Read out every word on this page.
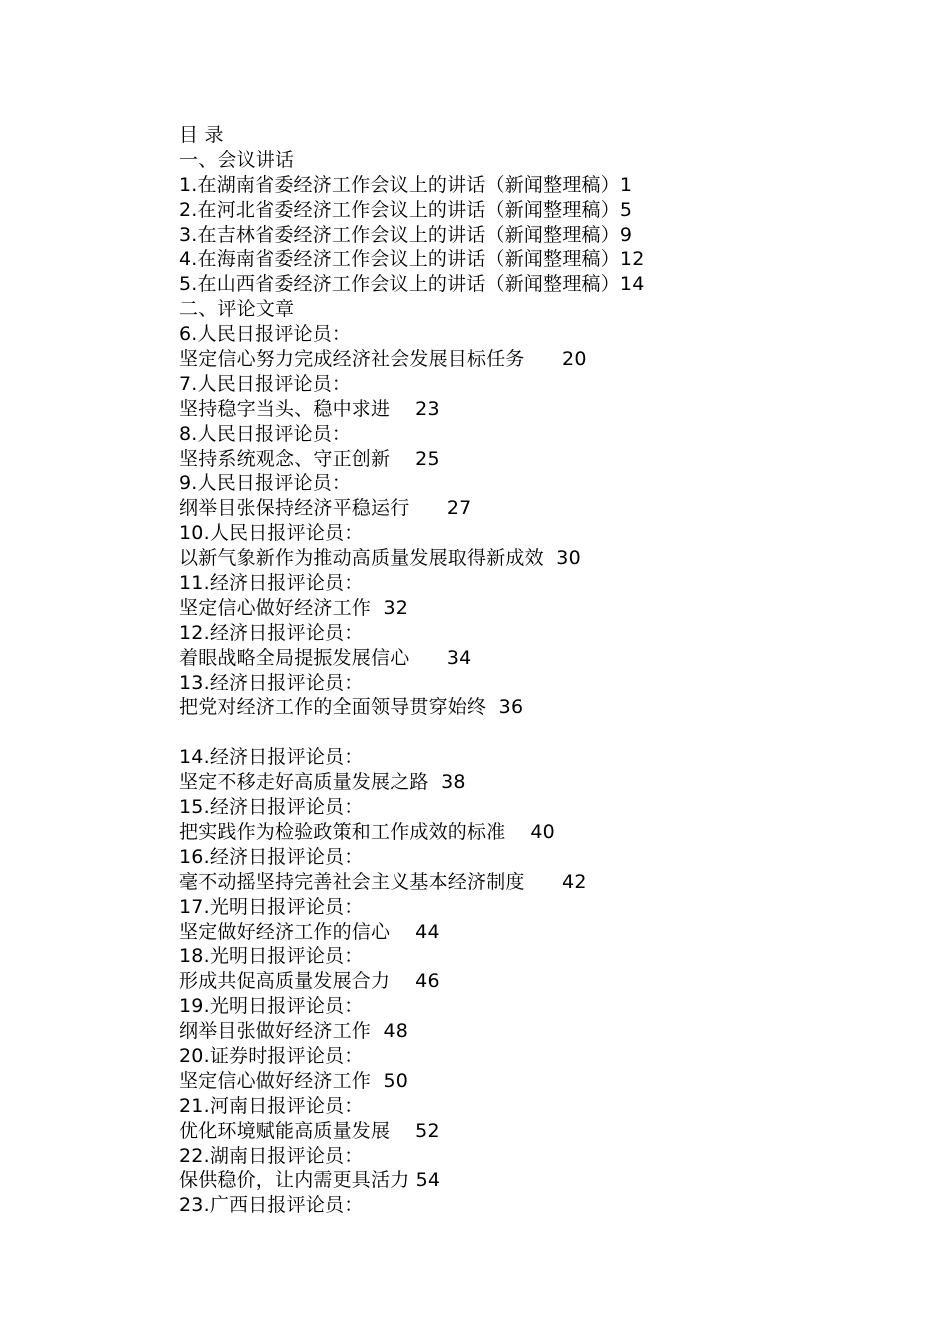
目 录
一、会议讲话
1.在湖南省委经济工作会议上的讲话（新闻整理稿）1
2.在河北省委经济工作会议上的讲话（新闻整理稿）5
3.在吉林省委经济工作会议上的讲话（新闻整理稿）9
4.在海南省委经济工作会议上的讲话（新闻整理稿）12
5.在山西省委经济工作会议上的讲话（新闻整理稿）14
二、评论文章
6.人民日报评论员：
坚定信心努力完成经济社会发展目标任务      20
7.人民日报评论员：
坚持稳字当头、稳中求进    23
8.人民日报评论员：
坚持系统观念、守正创新    25
9.人民日报评论员：
纲举目张保持经济平稳运行      27
10.人民日报评论员：
以新气象新作为推动高质量发展取得新成效  30
11.经济日报评论员：
坚定信心做好经济工作  32
12.经济日报评论员：
着眼战略全局提振发展信心      34
13.经济日报评论员：
把党对经济工作的全面领导贯穿始终  36
14.经济日报评论员：
坚定不移走好高质量发展之路  38
15.经济日报评论员：
把实践作为检验政策和工作成效的标准    40
16.经济日报评论员：
毫不动摇坚持完善社会主义基本经济制度      42
17.光明日报评论员：
坚定做好经济工作的信心    44
18.光明日报评论员：
形成共促高质量发展合力    46
19.光明日报评论员：
纲举目张做好经济工作  48
20.证券时报评论员：
坚定信心做好经济工作  50
21.河南日报评论员：
优化环境赋能高质量发展    52
22.湖南日报评论员：
保供稳价，让内需更具活力 54
23.广西日报评论员：
